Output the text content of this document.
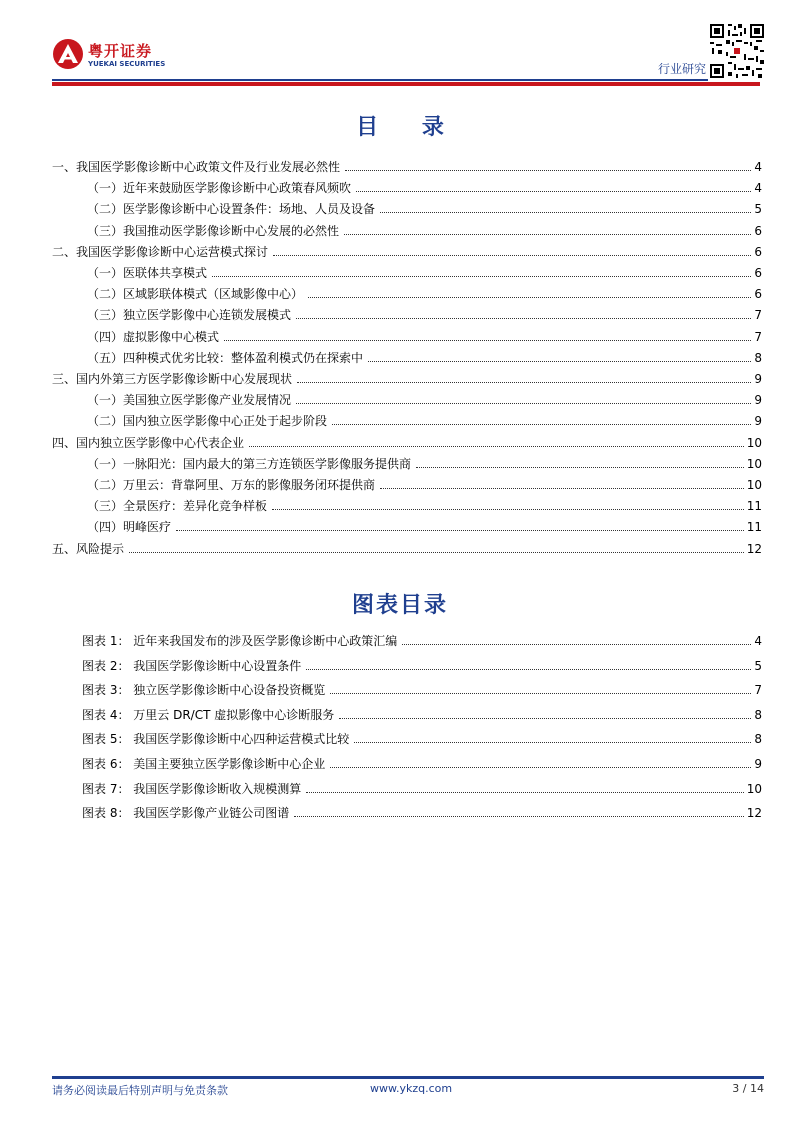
粤开证券
YUEKAI SECURITIES	行业研究
目 录
一、我国医学影像诊断中心政策文件及行业发展必然性	4
（一）近年来鼓励医学影像诊断中心政策春风频吹	4
（二）医学影像诊断中心设置条件：场地、人员及设备	5
（三）我国推动医学影像诊断中心发展的必然性	6
二、我国医学影像诊断中心运营模式探讨	6
（一）医联体共享模式	6
（二）区域影联体模式（区域影像中心）	6
（三）独立医学影像中心连锁发展模式	7
（四）虚拟影像中心模式	7
（五）四种模式优劣比较：整体盈利模式仍在探索中	8
三、国内外第三方医学影像诊断中心发展现状	9
（一）美国独立医学影像产业发展情况	9
（二）国内独立医学影像中心正处于起步阶段	9
四、国内独立医学影像中心代表企业	10
（一）一脉阳光：国内最大的第三方连锁医学影像服务提供商	10
（二）万里云：背靠阿里、万东的影像服务闭环提供商	10
（三）全景医疗：差异化竞争样板	11
（四）明峰医疗	11
五、风险提示	12
图表目录
图表 1： 近年来我国发布的涉及医学影像诊断中心政策汇编	4
图表 2： 我国医学影像诊断中心设置条件	5
图表 3： 独立医学影像诊断中心设备投资概览	7
图表 4： 万里云 DR/CT 虚拟影像中心诊断服务	8
图表 5： 我国医学影像诊断中心四种运营模式比较	8
图表 6： 美国主要独立医学影像诊断中心企业	9
图表 7： 我国医学影像诊断收入规模测算	10
图表 8： 我国医学影像产业链公司图谱	12
请务必阅读最后特别声明与免责条款	www.ykzq.com	3 / 14
